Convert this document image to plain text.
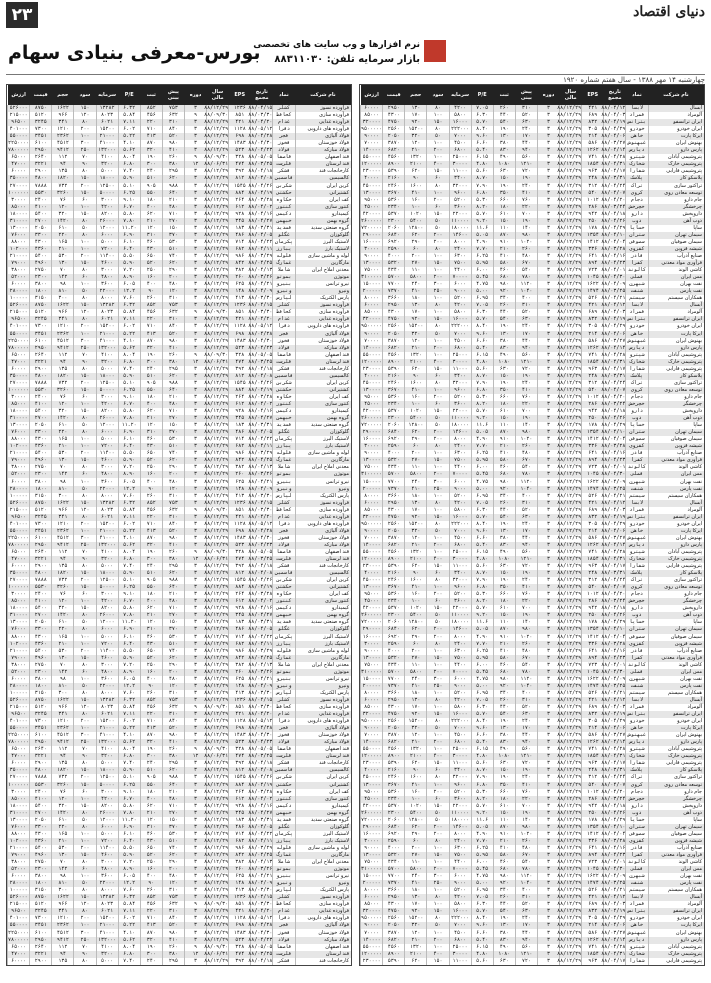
۲۳	دنیای اقتصاد
بورس-معرفی بنیادی سهام
نرم افزارها و وب سایت های تخصصی
بازار سرمایه تلفن: ۸۸۳۱۱۰۳۰
چهارشنبه ۱۴ مهر ۱۳۸۸ - سال هفتم شماره ۱۹۲۰
نام شرکت	نماد	تاریخ مجمع	EPS	سال مالی	دوره	پیش بینی	ثبت	P/E	سرمایه	سود	حجم	قیمت	ارزش
آبسال	لابسا	۸۸/۰۴/۱۲	۴۲۱	۸۸/۱۲/۲۹	۳	۳۱۰	۲۶۰	۷.۰۵	۴۲۰۰	۸۰	۱۳۰	۲۹۵۰	۶۰۰۰۰
آلومراد	فمراد	۸۸/۰۴/۰۳	۶۸۹	۸۸/۱۲/۲۹	۳	۵۲۰	۴۴۰	۶.۳۰	۵۸۰۰	۱۰۰	۱۷۰	۴۳۰۰	۸۵۰۰۰
ایران ترانسفو	بترانس	۸۸/۰۴/۱۹	۸۳۲	۸۸/۱۲/۲۹	۳	۶۳۰	۵۴۰	۵.۷۰	۱۶۰۰۰	۱۵۰	۹۲۰	۴۷۵۰	۳۲۰۰۰۰
ایران خودرو	خودرو	۸۸/۰۴/۲۹	۳۰۵	۸۸/۱۲/۲۹	۳	۲۴۰	۱۹۰	۸.۴۰	۲۲۲۰۰۰	۸۰	۱۵۲۰۰	۲۵۶۰	۹۵۰۰۰۰۰
ایرکا پارت	خاهن	۸۸/۰۴/۰۶	۲۱۴	۸۸/۱۲/۲۹	۳	۱۷۰	۱۳۰	۹.۶۰	۷۰۰۰	۵۰	۳۲۰	۲۰۵۰	۹۰۰۰۰
بهنوش ایران	غبهنوش	۸۸/۰۳/۲۷	۵۸۶	۸۸/۱۲/۲۹	۳	۴۴۰	۳۸۰	۶.۶۰	۴۵۰۰	۱۰۰	۱۲۰	۳۸۷۰	۷۰۰۰۰
پارس دارو	دپارس	۸۸/۰۴/۱۴	۱۲۶۲	۸۸/۱۲/۲۹	۳	۹۴۰	۸۳۰	۵.۴۰	۶۸۰۰	۲۰۰	۲۱۰	۶۸۲۰	۱۴۰۰۰۰
پتروشیمی آبادان	شپترو	۸۸/۰۴/۲۸	۷۴۱	۸۸/۱۲/۲۹	۳	۵۶۰	۴۹۰	۶.۱۵	۲۵۰۰۰	۱۰۰	۱۳۲۰	۴۵۶۰	۵۵۰۰۰۰
پتروشیمی خارک	شخارک	۸۸/۰۴/۳۱	۱۸۵۴	۸۸/۱۲/۲۹	۳	۱۲۱۰	۱۰۸۰	۴.۸۰	۳۰۰۰۰	۴۰۰	۲۱۰۰	۸۹۰۰	۱۲۰۰۰۰۰
پتروشیمی فارابی	شفارا	۸۸/۰۴/۱۷	۹۶۳	۸۸/۱۲/۲۹	۳	۷۲۰	۶۳۰	۵.۶۰	۱۱۰۰۰	۱۵۰	۶۲۰	۵۳۹۰	۲۳۰۰۰۰
پلاسکو کار	پلاسک	۸۸/۰۳/۳۱	۲۴۸	۸۸/۱۲/۲۹	۳	۱۹۰	۱۵۰	۸.۷۰	۳۴۰۰	۶۰	۹۰	۲۱۶۰	۴۰۰۰۰
تراکتور سازی	تراک	۸۸/۰۴/۲۴	۳۱۲	۸۸/۱۲/۲۹	۳	۲۴۰	۱۹۰	۷.۹۰	۳۲۰۰۰	۸۰	۱۶۰۰	۲۴۶۰	۴۵۰۰۰۰
توسعه معادن روی	کروی	۸۸/۰۴/۰۷	۵۴۰	۸۸/۱۲/۲۹	۳	۴۱۰	۳۵۰	۶.۸۰	۹۶۰۰	۱۰۰	۴۱۰	۳۶۷۰	۱۳۰۰۰۰
جام دارو	دجام	۸۸/۰۴/۲۰	۱۰۱۲	۸۸/۱۲/۲۹	۳	۷۶۰	۶۶۰	۵.۳۰	۵۲۰۰	۲۰۰	۱۶۰	۵۳۶۰	۹۵۰۰۰
چرخشگر	خچرخش	۸۸/۰۳/۲۴	۲۸۶	۸۸/۱۲/۲۹	۳	۲۲۰	۱۸۰	۸.۲۰	۳۶۰۰	۶۰	۱۰۰	۲۳۴۰	۴۵۰۰۰
داروپخش	دارو	۸۸/۰۴/۱۸	۹۴۲	۸۸/۱۲/۲۹	۳	۷۰۰	۶۱۰	۵.۷۰	۲۲۰۰۰	۱۵۰	۱۰۲۰	۵۳۷۰	۴۲۰۰۰۰
ذوب آهن	ذوب	۸۸/۰۴/۲۶	۲۵۰	۸۸/۱۲/۲۹	۳	۱۹۰	۱۵۰	۹.۲۰	۱۱۰۰۰۰	۵۰	۵۴۰۰	۲۳۰۰	۲۶۰۰۰۰۰
ساپا	خساپا	۸۸/۰۴/۲۹	۱۷۸	۸۸/۱۲/۲۹	۳	۱۴۰	۱۱۰	۱۱.۶	۱۸۰۰۰۰	۵۰	۱۲۸۰۰	۲۰۶۰	۷۲۰۰۰۰۰
سیمان تهران	ستران	۸۸/۰۴/۱۰	۱۳۵۴	۸۸/۱۲/۲۹	۳	۹۸۰	۸۷۰	۵.۰۵	۱۴۶۰۰	۲۰۰	۶۲۰	۶۸۴۰	۲۹۰۰۰۰
سیمان صوفیان	سصوفی	۸۸/۰۴/۰۴	۱۴۱۲	۸۸/۱۲/۲۹	۳	۱۰۲۰	۹۱۰	۴.۹۰	۸۰۰۰	۲۰۰	۲۹۰	۶۹۲۰	۱۶۰۰۰۰
شیشه قزوین	کقزوی	۸۸/۰۳/۲۸	۳۳۶	۸۸/۱۲/۲۹	۳	۲۶۰	۲۱۰	۷.۷۰	۲۴۰۰	۸۰	۶۰	۲۵۹۰	۳۰۰۰۰
صنایع آذرآب	فاذر	۸۸/۰۴/۱۶	۶۴۱	۸۸/۱۲/۲۹	۳	۴۸۰	۴۱۰	۶.۲۵	۶۳۰۰	۱۰۰	۲۰۰	۴۰۰۰	۹۰۰۰۰
فرآوری مواد معدنی	کفرا	۸۸/۰۴/۲۳	۸۹۴	۸۸/۱۲/۲۹	۳	۶۷۰	۵۸۰	۵.۹۵	۷۵۰۰	۱۵۰	۲۷۰	۵۳۲۰	۱۳۰۰۰۰
کاشی الوند	کالوند	۸۸/۰۴/۰۱	۷۲۳	۸۸/۱۲/۲۹	۳	۵۴۰	۴۶۰	۶.۰۰	۴۴۰۰	۱۰۰	۱۱۰	۴۳۴۰	۷۵۰۰۰
مس ایران	فملی	۸۸/۰۴/۳۰	۱۰۴۵	۸۸/۱۲/۲۹	۳	۷۸۰	۶۸۰	۵.۴۵	۷۰۰۰۰	۲۰۰	۵۸۰۰	۵۷۰۰	۳۱۰۰۰۰۰
نفت بهران	شبهرن	۸۸/۰۴/۰۹	۱۶۲۲	۸۸/۱۲/۲۹	۳	۱۱۲۰	۹۸۰	۴.۷۵	۶۰۰۰	۳۰۰	۲۴۰	۷۷۰۰	۱۵۰۰۰۰
نفت پارس	شنفت	۸۸/۰۳/۲۵	۱۴۷۴	۸۸/۱۲/۲۹	۳	۱۰۴۰	۹۲۰	۵.۰۰	۹۰۰۰	۲۵۰	۴۱۰	۷۳۷۰	۲۰۰۰۰۰
همکاران سیستم	سیستم	۸۸/۰۴/۲۱	۵۲۶	۸۸/۱۲/۲۹	۳	۴۰۰	۳۴۰	۶.۹۵	۵۲۰۰	۱۰۰	۱۸۰	۳۶۶۰	۸۰۰۰۰
آبسال	لابسا	۸۸/۰۴/۱۲	۴۲۱	۸۸/۱۲/۲۹	۳	۳۱۰	۲۶۰	۷.۰۵	۴۲۰۰	۸۰	۱۳۰	۲۹۵۰	۶۰۰۰۰
آلومراد	فمراد	۸۸/۰۴/۰۳	۶۸۹	۸۸/۱۲/۲۹	۳	۵۲۰	۴۴۰	۶.۳۰	۵۸۰۰	۱۰۰	۱۷۰	۴۳۰۰	۸۵۰۰۰
ایران ترانسفو	بترانس	۸۸/۰۴/۱۹	۸۳۲	۸۸/۱۲/۲۹	۳	۶۳۰	۵۴۰	۵.۷۰	۱۶۰۰۰	۱۵۰	۹۲۰	۴۷۵۰	۳۲۰۰۰۰
ایران خودرو	خودرو	۸۸/۰۴/۲۹	۳۰۵	۸۸/۱۲/۲۹	۳	۲۴۰	۱۹۰	۸.۴۰	۲۲۲۰۰۰	۸۰	۱۵۲۰۰	۲۵۶۰	۹۵۰۰۰۰۰
ایرکا پارت	خاهن	۸۸/۰۴/۰۶	۲۱۴	۸۸/۱۲/۲۹	۳	۱۷۰	۱۳۰	۹.۶۰	۷۰۰۰	۵۰	۳۲۰	۲۰۵۰	۹۰۰۰۰
بهنوش ایران	غبهنوش	۸۸/۰۳/۲۷	۵۸۶	۸۸/۱۲/۲۹	۳	۴۴۰	۳۸۰	۶.۶۰	۴۵۰۰	۱۰۰	۱۲۰	۳۸۷۰	۷۰۰۰۰
پارس دارو	دپارس	۸۸/۰۴/۱۴	۱۲۶۲	۸۸/۱۲/۲۹	۳	۹۴۰	۸۳۰	۵.۴۰	۶۸۰۰	۲۰۰	۲۱۰	۶۸۲۰	۱۴۰۰۰۰
پتروشیمی آبادان	شپترو	۸۸/۰۴/۲۸	۷۴۱	۸۸/۱۲/۲۹	۳	۵۶۰	۴۹۰	۶.۱۵	۲۵۰۰۰	۱۰۰	۱۳۲۰	۴۵۶۰	۵۵۰۰۰۰
پتروشیمی خارک	شخارک	۸۸/۰۴/۳۱	۱۸۵۴	۸۸/۱۲/۲۹	۳	۱۲۱۰	۱۰۸۰	۴.۸۰	۳۰۰۰۰	۴۰۰	۲۱۰۰	۸۹۰۰	۱۲۰۰۰۰۰
پتروشیمی فارابی	شفارا	۸۸/۰۴/۱۷	۹۶۳	۸۸/۱۲/۲۹	۳	۷۲۰	۶۳۰	۵.۶۰	۱۱۰۰۰	۱۵۰	۶۲۰	۵۳۹۰	۲۳۰۰۰۰
پلاسکو کار	پلاسک	۸۸/۰۳/۳۱	۲۴۸	۸۸/۱۲/۲۹	۳	۱۹۰	۱۵۰	۸.۷۰	۳۴۰۰	۶۰	۹۰	۲۱۶۰	۴۰۰۰۰
تراکتور سازی	تراک	۸۸/۰۴/۲۴	۳۱۲	۸۸/۱۲/۲۹	۳	۲۴۰	۱۹۰	۷.۹۰	۳۲۰۰۰	۸۰	۱۶۰۰	۲۴۶۰	۴۵۰۰۰۰
توسعه معادن روی	کروی	۸۸/۰۴/۰۷	۵۴۰	۸۸/۱۲/۲۹	۳	۴۱۰	۳۵۰	۶.۸۰	۹۶۰۰	۱۰۰	۴۱۰	۳۶۷۰	۱۳۰۰۰۰
جام دارو	دجام	۸۸/۰۴/۲۰	۱۰۱۲	۸۸/۱۲/۲۹	۳	۷۶۰	۶۶۰	۵.۳۰	۵۲۰۰	۲۰۰	۱۶۰	۵۳۶۰	۹۵۰۰۰
چرخشگر	خچرخش	۸۸/۰۳/۲۴	۲۸۶	۸۸/۱۲/۲۹	۳	۲۲۰	۱۸۰	۸.۲۰	۳۶۰۰	۶۰	۱۰۰	۲۳۴۰	۴۵۰۰۰
داروپخش	دارو	۸۸/۰۴/۱۸	۹۴۲	۸۸/۱۲/۲۹	۳	۷۰۰	۶۱۰	۵.۷۰	۲۲۰۰۰	۱۵۰	۱۰۲۰	۵۳۷۰	۴۲۰۰۰۰
ذوب آهن	ذوب	۸۸/۰۴/۲۶	۲۵۰	۸۸/۱۲/۲۹	۳	۱۹۰	۱۵۰	۹.۲۰	۱۱۰۰۰۰	۵۰	۵۴۰۰	۲۳۰۰	۲۶۰۰۰۰۰
ساپا	خساپا	۸۸/۰۴/۲۹	۱۷۸	۸۸/۱۲/۲۹	۳	۱۴۰	۱۱۰	۱۱.۶	۱۸۰۰۰۰	۵۰	۱۲۸۰۰	۲۰۶۰	۷۲۰۰۰۰۰
سیمان تهران	ستران	۸۸/۰۴/۱۰	۱۳۵۴	۸۸/۱۲/۲۹	۳	۹۸۰	۸۷۰	۵.۰۵	۱۴۶۰۰	۲۰۰	۶۲۰	۶۸۴۰	۲۹۰۰۰۰
سیمان صوفیان	سصوفی	۸۸/۰۴/۰۴	۱۴۱۲	۸۸/۱۲/۲۹	۳	۱۰۲۰	۹۱۰	۴.۹۰	۸۰۰۰	۲۰۰	۲۹۰	۶۹۲۰	۱۶۰۰۰۰
شیشه قزوین	کقزوی	۸۸/۰۳/۲۸	۳۳۶	۸۸/۱۲/۲۹	۳	۲۶۰	۲۱۰	۷.۷۰	۲۴۰۰	۸۰	۶۰	۲۵۹۰	۳۰۰۰۰
صنایع آذرآب	فاذر	۸۸/۰۴/۱۶	۶۴۱	۸۸/۱۲/۲۹	۳	۴۸۰	۴۱۰	۶.۲۵	۶۳۰۰	۱۰۰	۲۰۰	۴۰۰۰	۹۰۰۰۰
فرآوری مواد معدنی	کفرا	۸۸/۰۴/۲۳	۸۹۴	۸۸/۱۲/۲۹	۳	۶۷۰	۵۸۰	۵.۹۵	۷۵۰۰	۱۵۰	۲۷۰	۵۳۲۰	۱۳۰۰۰۰
کاشی الوند	کالوند	۸۸/۰۴/۰۱	۷۲۳	۸۸/۱۲/۲۹	۳	۵۴۰	۴۶۰	۶.۰۰	۴۴۰۰	۱۰۰	۱۱۰	۴۳۴۰	۷۵۰۰۰
مس ایران	فملی	۸۸/۰۴/۳۰	۱۰۴۵	۸۸/۱۲/۲۹	۳	۷۸۰	۶۸۰	۵.۴۵	۷۰۰۰۰	۲۰۰	۵۸۰۰	۵۷۰۰	۳۱۰۰۰۰۰
نفت بهران	شبهرن	۸۸/۰۴/۰۹	۱۶۲۲	۸۸/۱۲/۲۹	۳	۱۱۲۰	۹۸۰	۴.۷۵	۶۰۰۰	۳۰۰	۲۴۰	۷۷۰۰	۱۵۰۰۰۰
نفت پارس	شنفت	۸۸/۰۳/۲۵	۱۴۷۴	۸۸/۱۲/۲۹	۳	۱۰۴۰	۹۲۰	۵.۰۰	۹۰۰۰	۲۵۰	۴۱۰	۷۳۷۰	۲۰۰۰۰۰
همکاران سیستم	سیستم	۸۸/۰۴/۲۱	۵۲۶	۸۸/۱۲/۲۹	۳	۴۰۰	۳۴۰	۶.۹۵	۵۲۰۰	۱۰۰	۱۸۰	۳۶۶۰	۸۰۰۰۰
آبسال	لابسا	۸۸/۰۴/۱۲	۴۲۱	۸۸/۱۲/۲۹	۳	۳۱۰	۲۶۰	۷.۰۵	۴۲۰۰	۸۰	۱۳۰	۲۹۵۰	۶۰۰۰۰
آلومراد	فمراد	۸۸/۰۴/۰۳	۶۸۹	۸۸/۱۲/۲۹	۳	۵۲۰	۴۴۰	۶.۳۰	۵۸۰۰	۱۰۰	۱۷۰	۴۳۰۰	۸۵۰۰۰
ایران ترانسفو	بترانس	۸۸/۰۴/۱۹	۸۳۲	۸۸/۱۲/۲۹	۳	۶۳۰	۵۴۰	۵.۷۰	۱۶۰۰۰	۱۵۰	۹۲۰	۴۷۵۰	۳۲۰۰۰۰
ایران خودرو	خودرو	۸۸/۰۴/۲۹	۳۰۵	۸۸/۱۲/۲۹	۳	۲۴۰	۱۹۰	۸.۴۰	۲۲۲۰۰۰	۸۰	۱۵۲۰۰	۲۵۶۰	۹۵۰۰۰۰۰
ایرکا پارت	خاهن	۸۸/۰۴/۰۶	۲۱۴	۸۸/۱۲/۲۹	۳	۱۷۰	۱۳۰	۹.۶۰	۷۰۰۰	۵۰	۳۲۰	۲۰۵۰	۹۰۰۰۰
بهنوش ایران	غبهنوش	۸۸/۰۳/۲۷	۵۸۶	۸۸/۱۲/۲۹	۳	۴۴۰	۳۸۰	۶.۶۰	۴۵۰۰	۱۰۰	۱۲۰	۳۸۷۰	۷۰۰۰۰
پارس دارو	دپارس	۸۸/۰۴/۱۴	۱۲۶۲	۸۸/۱۲/۲۹	۳	۹۴۰	۸۳۰	۵.۴۰	۶۸۰۰	۲۰۰	۲۱۰	۶۸۲۰	۱۴۰۰۰۰
پتروشیمی آبادان	شپترو	۸۸/۰۴/۲۸	۷۴۱	۸۸/۱۲/۲۹	۳	۵۶۰	۴۹۰	۶.۱۵	۲۵۰۰۰	۱۰۰	۱۳۲۰	۴۵۶۰	۵۵۰۰۰۰
پتروشیمی خارک	شخارک	۸۸/۰۴/۳۱	۱۸۵۴	۸۸/۱۲/۲۹	۳	۱۲۱۰	۱۰۸۰	۴.۸۰	۳۰۰۰۰	۴۰۰	۲۱۰۰	۸۹۰۰	۱۲۰۰۰۰۰
پتروشیمی فارابی	شفارا	۸۸/۰۴/۱۷	۹۶۳	۸۸/۱۲/۲۹	۳	۷۲۰	۶۳۰	۵.۶۰	۱۱۰۰۰	۱۵۰	۶۲۰	۵۳۹۰	۲۳۰۰۰۰
پلاسکو کار	پلاسک	۸۸/۰۳/۳۱	۲۴۸	۸۸/۱۲/۲۹	۳	۱۹۰	۱۵۰	۸.۷۰	۳۴۰۰	۶۰	۹۰	۲۱۶۰	۴۰۰۰۰
تراکتور سازی	تراک	۸۸/۰۴/۲۴	۳۱۲	۸۸/۱۲/۲۹	۳	۲۴۰	۱۹۰	۷.۹۰	۳۲۰۰۰	۸۰	۱۶۰۰	۲۴۶۰	۴۵۰۰۰۰
توسعه معادن روی	کروی	۸۸/۰۴/۰۷	۵۴۰	۸۸/۱۲/۲۹	۳	۴۱۰	۳۵۰	۶.۸۰	۹۶۰۰	۱۰۰	۴۱۰	۳۶۷۰	۱۳۰۰۰۰
جام دارو	دجام	۸۸/۰۴/۲۰	۱۰۱۲	۸۸/۱۲/۲۹	۳	۷۶۰	۶۶۰	۵.۳۰	۵۲۰۰	۲۰۰	۱۶۰	۵۳۶۰	۹۵۰۰۰
چرخشگر	خچرخش	۸۸/۰۳/۲۴	۲۸۶	۸۸/۱۲/۲۹	۳	۲۲۰	۱۸۰	۸.۲۰	۳۶۰۰	۶۰	۱۰۰	۲۳۴۰	۴۵۰۰۰
داروپخش	دارو	۸۸/۰۴/۱۸	۹۴۲	۸۸/۱۲/۲۹	۳	۷۰۰	۶۱۰	۵.۷۰	۲۲۰۰۰	۱۵۰	۱۰۲۰	۵۳۷۰	۴۲۰۰۰۰
ذوب آهن	ذوب	۸۸/۰۴/۲۶	۲۵۰	۸۸/۱۲/۲۹	۳	۱۹۰	۱۵۰	۹.۲۰	۱۱۰۰۰۰	۵۰	۵۴۰۰	۲۳۰۰	۲۶۰۰۰۰۰
ساپا	خساپا	۸۸/۰۴/۲۹	۱۷۸	۸۸/۱۲/۲۹	۳	۱۴۰	۱۱۰	۱۱.۶	۱۸۰۰۰۰	۵۰	۱۲۸۰۰	۲۰۶۰	۷۲۰۰۰۰۰
سیمان تهران	ستران	۸۸/۰۴/۱۰	۱۳۵۴	۸۸/۱۲/۲۹	۳	۹۸۰	۸۷۰	۵.۰۵	۱۴۶۰۰	۲۰۰	۶۲۰	۶۸۴۰	۲۹۰۰۰۰
سیمان صوفیان	سصوفی	۸۸/۰۴/۰۴	۱۴۱۲	۸۸/۱۲/۲۹	۳	۱۰۲۰	۹۱۰	۴.۹۰	۸۰۰۰	۲۰۰	۲۹۰	۶۹۲۰	۱۶۰۰۰۰
شیشه قزوین	کقزوی	۸۸/۰۳/۲۸	۳۳۶	۸۸/۱۲/۲۹	۳	۲۶۰	۲۱۰	۷.۷۰	۲۴۰۰	۸۰	۶۰	۲۵۹۰	۳۰۰۰۰
صنایع آذرآب	فاذر	۸۸/۰۴/۱۶	۶۴۱	۸۸/۱۲/۲۹	۳	۴۸۰	۴۱۰	۶.۲۵	۶۳۰۰	۱۰۰	۲۰۰	۴۰۰۰	۹۰۰۰۰
فرآوری مواد معدنی	کفرا	۸۸/۰۴/۲۳	۸۹۴	۸۸/۱۲/۲۹	۳	۶۷۰	۵۸۰	۵.۹۵	۷۵۰۰	۱۵۰	۲۷۰	۵۳۲۰	۱۳۰۰۰۰
کاشی الوند	کالوند	۸۸/۰۴/۰۱	۷۲۳	۸۸/۱۲/۲۹	۳	۵۴۰	۴۶۰	۶.۰۰	۴۴۰۰	۱۰۰	۱۱۰	۴۳۴۰	۷۵۰۰۰
مس ایران	فملی	۸۸/۰۴/۳۰	۱۰۴۵	۸۸/۱۲/۲۹	۳	۷۸۰	۶۸۰	۵.۴۵	۷۰۰۰۰	۲۰۰	۵۸۰۰	۵۷۰۰	۳۱۰۰۰۰۰
نفت بهران	شبهرن	۸۸/۰۴/۰۹	۱۶۲۲	۸۸/۱۲/۲۹	۳	۱۱۲۰	۹۸۰	۴.۷۵	۶۰۰۰	۳۰۰	۲۴۰	۷۷۰۰	۱۵۰۰۰۰
نفت پارس	شنفت	۸۸/۰۳/۲۵	۱۴۷۴	۸۸/۱۲/۲۹	۳	۱۰۴۰	۹۲۰	۵.۰۰	۹۰۰۰	۲۵۰	۴۱۰	۷۳۷۰	۲۰۰۰۰۰
همکاران سیستم	سیستم	۸۸/۰۴/۲۱	۵۲۶	۸۸/۱۲/۲۹	۳	۴۰۰	۳۴۰	۶.۹۵	۵۲۰۰	۱۰۰	۱۸۰	۳۶۶۰	۸۰۰۰۰
آبسال	لابسا	۸۸/۰۴/۱۲	۴۲۱	۸۸/۱۲/۲۹	۳	۳۱۰	۲۶۰	۷.۰۵	۴۲۰۰	۸۰	۱۳۰	۲۹۵۰	۶۰۰۰۰
آلومراد	فمراد	۸۸/۰۴/۰۳	۶۸۹	۸۸/۱۲/۲۹	۳	۵۲۰	۴۴۰	۶.۳۰	۵۸۰۰	۱۰۰	۱۷۰	۴۳۰۰	۸۵۰۰۰
ایران ترانسفو	بترانس	۸۸/۰۴/۱۹	۸۳۲	۸۸/۱۲/۲۹	۳	۶۳۰	۵۴۰	۵.۷۰	۱۶۰۰۰	۱۵۰	۹۲۰	۴۷۵۰	۳۲۰۰۰۰
ایران خودرو	خودرو	۸۸/۰۴/۲۹	۳۰۵	۸۸/۱۲/۲۹	۳	۲۴۰	۱۹۰	۸.۴۰	۲۲۲۰۰۰	۸۰	۱۵۲۰۰	۲۵۶۰	۹۵۰۰۰۰۰
ایرکا پارت	خاهن	۸۸/۰۴/۰۶	۲۱۴	۸۸/۱۲/۲۹	۳	۱۷۰	۱۳۰	۹.۶۰	۷۰۰۰	۵۰	۳۲۰	۲۰۵۰	۹۰۰۰۰
بهنوش ایران	غبهنوش	۸۸/۰۳/۲۷	۵۸۶	۸۸/۱۲/۲۹	۳	۴۴۰	۳۸۰	۶.۶۰	۴۵۰۰	۱۰۰	۱۲۰	۳۸۷۰	۷۰۰۰۰
پارس دارو	دپارس	۸۸/۰۴/۱۴	۱۲۶۲	۸۸/۱۲/۲۹	۳	۹۴۰	۸۳۰	۵.۴۰	۶۸۰۰	۲۰۰	۲۱۰	۶۸۲۰	۱۴۰۰۰۰
پتروشیمی آبادان	شپترو	۸۸/۰۴/۲۸	۷۴۱	۸۸/۱۲/۲۹	۳	۵۶۰	۴۹۰	۶.۱۵	۲۵۰۰۰	۱۰۰	۱۳۲۰	۴۵۶۰	۵۵۰۰۰۰
پتروشیمی خارک	شخارک	۸۸/۰۴/۳۱	۱۸۵۴	۸۸/۱۲/۲۹	۳	۱۲۱۰	۱۰۸۰	۴.۸۰	۳۰۰۰۰	۴۰۰	۲۱۰۰	۸۹۰۰	۱۲۰۰۰۰۰
پتروشیمی فارابی	شفارا	۸۸/۰۴/۱۷	۹۶۳	۸۸/۱۲/۲۹	۳	۷۲۰	۶۳۰	۵.۶۰	۱۱۰۰۰	۱۵۰	۶۲۰	۵۳۹۰	۲۳۰۰۰۰
پلاسکو کار	پلاسک	۸۸/۰۳/۳۱	۲۴۸	۸۸/۱۲/۲۹	۳	۱۹۰	۱۵۰	۸.۷۰	۳۴۰۰	۶۰	۹۰	۲۱۶۰	۴۰۰۰۰
تراکتور سازی	تراک	۸۸/۰۴/۲۴	۳۱۲	۸۸/۱۲/۲۹	۳	۲۴۰	۱۹۰	۷.۹۰	۳۲۰۰۰	۸۰	۱۶۰۰	۲۴۶۰	۴۵۰۰۰۰
توسعه معادن روی	کروی	۸۸/۰۴/۰۷	۵۴۰	۸۸/۱۲/۲۹	۳	۴۱۰	۳۵۰	۶.۸۰	۹۶۰۰	۱۰۰	۴۱۰	۳۶۷۰	۱۳۰۰۰۰
جام دارو	دجام	۸۸/۰۴/۲۰	۱۰۱۲	۸۸/۱۲/۲۹	۳	۷۶۰	۶۶۰	۵.۳۰	۵۲۰۰	۲۰۰	۱۶۰	۵۳۶۰	۹۵۰۰۰
چرخشگر	خچرخش	۸۸/۰۳/۲۴	۲۸۶	۸۸/۱۲/۲۹	۳	۲۲۰	۱۸۰	۸.۲۰	۳۶۰۰	۶۰	۱۰۰	۲۳۴۰	۴۵۰۰۰
داروپخش	دارو	۸۸/۰۴/۱۸	۹۴۲	۸۸/۱۲/۲۹	۳	۷۰۰	۶۱۰	۵.۷۰	۲۲۰۰۰	۱۵۰	۱۰۲۰	۵۳۷۰	۴۲۰۰۰۰
ذوب آهن	ذوب	۸۸/۰۴/۲۶	۲۵۰	۸۸/۱۲/۲۹	۳	۱۹۰	۱۵۰	۹.۲۰	۱۱۰۰۰۰	۵۰	۵۴۰۰	۲۳۰۰	۲۶۰۰۰۰۰
ساپا	خساپا	۸۸/۰۴/۲۹	۱۷۸	۸۸/۱۲/۲۹	۳	۱۴۰	۱۱۰	۱۱.۶	۱۸۰۰۰۰	۵۰	۱۲۸۰۰	۲۰۶۰	۷۲۰۰۰۰۰
سیمان تهران	ستران	۸۸/۰۴/۱۰	۱۳۵۴	۸۸/۱۲/۲۹	۳	۹۸۰	۸۷۰	۵.۰۵	۱۴۶۰۰	۲۰۰	۶۲۰	۶۸۴۰	۲۹۰۰۰۰
سیمان صوفیان	سصوفی	۸۸/۰۴/۰۴	۱۴۱۲	۸۸/۱۲/۲۹	۳	۱۰۲۰	۹۱۰	۴.۹۰	۸۰۰۰	۲۰۰	۲۹۰	۶۹۲۰	۱۶۰۰۰۰
شیشه قزوین	کقزوی	۸۸/۰۳/۲۸	۳۳۶	۸۸/۱۲/۲۹	۳	۲۶۰	۲۱۰	۷.۷۰	۲۴۰۰	۸۰	۶۰	۲۵۹۰	۳۰۰۰۰
صنایع آذرآب	فاذر	۸۸/۰۴/۱۶	۶۴۱	۸۸/۱۲/۲۹	۳	۴۸۰	۴۱۰	۶.۲۵	۶۳۰۰	۱۰۰	۲۰۰	۴۰۰۰	۹۰۰۰۰
فرآوری مواد معدنی	کفرا	۸۸/۰۴/۲۳	۸۹۴	۸۸/۱۲/۲۹	۳	۶۷۰	۵۸۰	۵.۹۵	۷۵۰۰	۱۵۰	۲۷۰	۵۳۲۰	۱۳۰۰۰۰
کاشی الوند	کالوند	۸۸/۰۴/۰۱	۷۲۳	۸۸/۱۲/۲۹	۳	۵۴۰	۴۶۰	۶.۰۰	۴۴۰۰	۱۰۰	۱۱۰	۴۳۴۰	۷۵۰۰۰
مس ایران	فملی	۸۸/۰۴/۳۰	۱۰۴۵	۸۸/۱۲/۲۹	۳	۷۸۰	۶۸۰	۵.۴۵	۷۰۰۰۰	۲۰۰	۵۸۰۰	۵۷۰۰	۳۱۰۰۰۰۰
نفت بهران	شبهرن	۸۸/۰۴/۰۹	۱۶۲۲	۸۸/۱۲/۲۹	۳	۱۱۲۰	۹۸۰	۴.۷۵	۶۰۰۰	۳۰۰	۲۴۰	۷۷۰۰	۱۵۰۰۰۰
نفت پارس	شنفت	۸۸/۰۳/۲۵	۱۴۷۴	۸۸/۱۲/۲۹	۳	۱۰۴۰	۹۲۰	۵.۰۰	۹۰۰۰	۲۵۰	۴۱۰	۷۳۷۰	۲۰۰۰۰۰
همکاران سیستم	سیستم	۸۸/۰۴/۲۱	۵۲۶	۸۸/۱۲/۲۹	۳	۴۰۰	۳۴۰	۶.۹۵	۵۲۰۰	۱۰۰	۱۸۰	۳۶۶۰	۸۰۰۰۰
آبسال	لابسا	۸۸/۰۴/۱۲	۴۲۱	۸۸/۱۲/۲۹	۳	۳۱۰	۲۶۰	۷.۰۵	۴۲۰۰	۸۰	۱۳۰	۲۹۵۰	۶۰۰۰۰
آلومراد	فمراد	۸۸/۰۴/۰۳	۶۸۹	۸۸/۱۲/۲۹	۳	۵۲۰	۴۴۰	۶.۳۰	۵۸۰۰	۱۰۰	۱۷۰	۴۳۰۰	۸۵۰۰۰
ایران ترانسفو	بترانس	۸۸/۰۴/۱۹	۸۳۲	۸۸/۱۲/۲۹	۳	۶۳۰	۵۴۰	۵.۷۰	۱۶۰۰۰	۱۵۰	۹۲۰	۴۷۵۰	۳۲۰۰۰۰
ایران خودرو	خودرو	۸۸/۰۴/۲۹	۳۰۵	۸۸/۱۲/۲۹	۳	۲۴۰	۱۹۰	۸.۴۰	۲۲۲۰۰۰	۸۰	۱۵۲۰۰	۲۵۶۰	۹۵۰۰۰۰۰
ایرکا پارت	خاهن	۸۸/۰۴/۰۶	۲۱۴	۸۸/۱۲/۲۹	۳	۱۷۰	۱۳۰	۹.۶۰	۷۰۰۰	۵۰	۳۲۰	۲۰۵۰	۹۰۰۰۰
بهنوش ایران	غبهنوش	۸۸/۰۳/۲۷	۵۸۶	۸۸/۱۲/۲۹	۳	۴۴۰	۳۸۰	۶.۶۰	۴۵۰۰	۱۰۰	۱۲۰	۳۸۷۰	۷۰۰۰۰
پارس دارو	دپارس	۸۸/۰۴/۱۴	۱۲۶۲	۸۸/۱۲/۲۹	۳	۹۴۰	۸۳۰	۵.۴۰	۶۸۰۰	۲۰۰	۲۱۰	۶۸۲۰	۱۴۰۰۰۰
پتروشیمی آبادان	شپترو	۸۸/۰۴/۲۸	۷۴۱	۸۸/۱۲/۲۹	۳	۵۶۰	۴۹۰	۶.۱۵	۲۵۰۰۰	۱۰۰	۱۳۲۰	۴۵۶۰	۵۵۰۰۰۰
پتروشیمی خارک	شخارک	۸۸/۰۴/۳۱	۱۸۵۴	۸۸/۱۲/۲۹	۳	۱۲۱۰	۱۰۸۰	۴.۸۰	۳۰۰۰۰	۴۰۰	۲۱۰۰	۸۹۰۰	۱۲۰۰۰۰۰
پتروشیمی فارابی	شفارا	۸۸/۰۴/۱۷	۹۶۳	۸۸/۱۲/۲۹	۳	۷۲۰	۶۳۰	۵.۶۰	۱۱۰۰۰	۱۵۰	۶۲۰	۵۳۹۰	۲۳۰۰۰۰
نام شرکت	نماد	تاریخ مجمع	EPS	سال مالی	دوره	پیش بینی	ثبت	P/E	سرمایه	سود	حجم	قیمت	ارزش
فرآورده نسوز	کشلر	۸۸/۰۴/۱۵	۱۲۳۶	۸۸/۱۲/۲۹	۳	۷۵۳	۸۵۲	۶.۳۲	۱۳۲۸۲	۱۵۰	۱۶۲۲	۸۷۵۰	۵۲۶۰۰۰
فرآورده سازی	کحافظ	۸۸/۰۳/۳۰	۸۵۱	۸۸/۰۹/۳۰	۹	۶۳۲	۴۵۶	۵.۸۴	۸۰۲۳	۱۲۰	۹۶۶	۵۱۲۰	۲۱۵۰۰۰
فرآورده غذایی	غدام	۸۸/۰۴/۲۰	۴۲۱	۸۸/۱۲/۲۹	۳	۳۱۰	۲۲۰	۷.۱۱	۶۰۲۱	۸۰	۳۴۱	۳۲۴۵	۹۶۵۰۰
فرآورده های دارویی	دفرا	۸۸/۰۵/۱۲	۱۱۲۸	۸۸/۱۲/۲۹	۳	۸۴۰	۷۱۰	۶.۰۲	۱۵۲۰۰	۲۰۰	۱۲۱۰	۷۳۰۰	۴۰۱۰۰۰
فولاد آلیاژی	فجر	۸۸/۰۴/۲۸	۶۹۸	۸۸/۱۲/۲۹	۳	۵۲۰	۴۱۳	۵.۲۲	۲۱۰۰۰	۱۰۰	۲۳۶۲	۳۴۵۱	۵۵۰۰۰۰
فولاد خوزستان	فخوز	۸۸/۰۴/۳۰	۱۴۸۳	۸۸/۱۲/۲۹	۳	۹۸۰	۸۷۰	۴.۱۰	۴۱۰۰۰	۳۰۰	۴۵۱۲	۶۱۰۰	۲۲۵۰۰۰۰
فولاد مبارکه	فولاد	۸۸/۰۴/۲۳	۵۲۳	۸۸/۱۲/۲۹	۳	۴۱۰	۳۲۰	۵.۶۲	۱۳۲۰۰۰	۲۵۰	۹۴۱۲	۲۹۵۰	۷۸۰۰۰۰۰
قند اصفهان	قاصفا	۸۸/۰۵/۰۵	۳۲۸	۸۸/۰۹/۳۰	۹	۲۶۰	۱۹۰	۸.۰۴	۴۱۰۰	۷۰	۱۱۲	۲۶۴۰	۶۵۰۰۰
قند لرستان	قلرست	۸۸/۰۳/۲۵	۴۷۴	۸۸/۰۶/۳۱	۱۲	۳۸۰	۳۰۰	۶.۸۰	۳۲۰۰	۹۰	۹۴	۳۲۲۱	۴۷۰۰۰
کارخانجات قند	قشکر	۸۸/۰۴/۱۸	۳۹۲	۸۸/۱۲/۲۹	۳	۲۹۵	۲۴۰	۷.۴۰	۵۰۰۰	۸۰	۱۳۵	۲۹۰۰	۶۰۰۰۰
کالسیمین	فاسمین	۸۸/۰۴/۰۸	۸۱۲	۸۸/۱۲/۲۹	۳	۶۲۰	۵۱۰	۵.۹۰	۱۸۰۰۰	۱۵۰	۱۸۲۰	۴۸۰۰	۳۵۰۰۰۰
کربن ایران	شکربن	۸۸/۰۴/۲۶	۱۵۴۵	۸۸/۱۲/۲۹	۳	۹۸۸	۹۰۵	۵.۱۰	۱۲۵۰۰	۲۰۰	۷۳۲	۷۸۸۸	۲۷۰۰۰۰
کشتیرانی	حکشتی	۸۸/۰۴/۱۹	۸۸۴	۸۸/۱۲/۲۹	۳	۶۴۰	۵۵۰	۶.۲۵	۵۰۰۰۰	۱۵۰	۳۲۶۰	۵۵۳۰	۱۰۰۰۰۰۰
کف ایران	خکاوه	۸۸/۰۳/۲۸	۲۶۴	۸۸/۱۲/۲۹	۳	۲۱۰	۱۸۰	۹.۱۰	۳۰۰۰	۶۰	۷۶	۲۴۰۰	۳۰۰۰۰
کنتور سازی	کنتور	۸۸/۰۴/۰۲	۶۱۲	۸۸/۱۲/۲۹	۳	۴۸۰	۴۰۰	۶.۷۰	۴۲۰۰	۱۰۰	۱۲۰	۴۱۰۰	۸۵۰۰۰
کیمیدارو	دکیمی	۸۸/۰۴/۱۶	۹۲۸	۸۸/۱۲/۲۹	۳	۷۱۰	۶۲۰	۵.۸۰	۸۲۰۰	۱۵۰	۳۲۰	۵۴۰۰	۱۸۰۰۰۰
گروه بهمن	خبهمن	۸۸/۰۴/۲۷	۳۴۵	۸۸/۱۲/۲۹	۳	۲۷۰	۲۱۰	۷.۸۰	۲۶۰۰۰	۸۰	۱۴۲۰	۲۷۰۰	۳۱۰۰۰۰
گروه صنعتی سدید	فسدید	۸۸/۰۳/۳۱	۱۸۳	۸۸/۱۲/۲۹	۳	۱۵۰	۱۲۰	۱۱.۲۰	۱۲۰۰۰	۵۰	۶۱۰	۲۰۵۰	۱۳۰۰۰۰
گلوکوزان	غگلو	۸۸/۰۴/۰۵	۴۸۶	۸۸/۱۲/۲۹	۳	۳۷۰	۳۱۰	۶.۹۰	۶۰۰۰	۸۰	۲۲۰	۳۳۰۰	۷۶۰۰۰
لاستیک البرز	پکرمان	۸۸/۰۴/۲۲	۷۱۴	۸۸/۱۲/۲۹	۳	۵۳۰	۴۶۰	۶.۱۰	۵۰۰۰	۱۰۰	۱۶۵	۴۳۰۰	۸۸۰۰۰
لاستیک بارز	پبارز	۸۸/۰۴/۱۱	۶۸۲	۸۸/۱۲/۲۹	۳	۵۱۰	۴۳۰	۶.۴۰	۷۲۰۰	۱۰۰	۲۱۰	۴۳۶۰	۱۰۲۰۰۰
لوله و ماشین سازی	فلوله	۸۸/۰۳/۲۹	۹۸۶	۸۸/۱۲/۲۹	۳	۷۴۰	۶۵۰	۵.۵۰	۱۱۴۰۰	۲۰۰	۵۳۰	۵۴۰۰	۲۱۰۰۰۰
مارگارین	غمارگ	۸۸/۰۴/۲۵	۸۴۲	۸۸/۱۲/۲۹	۳	۶۲۰	۵۲۰	۵.۹۰	۴۶۰۰	۱۵۰	۱۳۰	۴۹۶۰	۷۹۰۰۰
معدنی املاح ایران	شاملا	۸۸/۰۴/۱۳	۳۸۲	۸۸/۱۲/۲۹	۳	۲۹۰	۲۵۰	۷.۲۰	۳۰۰۰	۸۰	۷۰	۲۷۵۰	۳۸۰۰۰
موتوژن	بموتو	۸۸/۰۳/۲۶	۲۶۰	۸۸/۱۲/۲۹	۳	۲۰۰	۱۶۰	۸.۹۰	۴۸۰۰	۶۰	۱۴۲	۲۳۰۰	۵۲۰۰۰
نیرو ترانس	بنیرو	۸۸/۰۴/۲۱	۶۲۵	۸۸/۱۲/۲۹	۳	۴۸۰	۴۰۰	۶.۰۵	۳۶۰۰	۱۰۰	۹۸	۳۸۰۰	۶۰۰۰۰
ونیرو	ونیرو	۸۸/۰۴/۰۹	۱۴۸	۸۸/۱۲/۲۹	۳	۱۲۰	۹۰	۱۲.۲	۲۲۰۰۰	۵۰	۸۱۰	۱۸۰۰	۲۸۰۰۰۰
پارس الکتریک	لپارس	۸۸/۰۳/۳۰	۴۱۳	۸۸/۱۲/۲۹	۳	۳۱۰	۲۶۰	۷.۶۰	۸۰۰۰	۸۰	۳۰۰	۳۱۵۰	۱۰۰۰۰۰
فرآورده نسوز	کشلر	۸۸/۰۴/۱۵	۱۲۳۶	۸۸/۱۲/۲۹	۳	۷۵۳	۸۵۲	۶.۳۲	۱۳۲۸۲	۱۵۰	۱۶۲۲	۸۷۵۰	۵۲۶۰۰۰
فرآورده سازی	کحافظ	۸۸/۰۳/۳۰	۸۵۱	۸۸/۰۹/۳۰	۹	۶۳۲	۴۵۶	۵.۸۴	۸۰۲۳	۱۲۰	۹۶۶	۵۱۲۰	۲۱۵۰۰۰
فرآورده غذایی	غدام	۸۸/۰۴/۲۰	۴۲۱	۸۸/۱۲/۲۹	۳	۳۱۰	۲۲۰	۷.۱۱	۶۰۲۱	۸۰	۳۴۱	۳۲۴۵	۹۶۵۰۰
فرآورده های دارویی	دفرا	۸۸/۰۵/۱۲	۱۱۲۸	۸۸/۱۲/۲۹	۳	۸۴۰	۷۱۰	۶.۰۲	۱۵۲۰۰	۲۰۰	۱۲۱۰	۷۳۰۰	۴۰۱۰۰۰
فولاد آلیاژی	فجر	۸۸/۰۴/۲۸	۶۹۸	۸۸/۱۲/۲۹	۳	۵۲۰	۴۱۳	۵.۲۲	۲۱۰۰۰	۱۰۰	۲۳۶۲	۳۴۵۱	۵۵۰۰۰۰
فولاد خوزستان	فخوز	۸۸/۰۴/۳۰	۱۴۸۳	۸۸/۱۲/۲۹	۳	۹۸۰	۸۷۰	۴.۱۰	۴۱۰۰۰	۳۰۰	۴۵۱۲	۶۱۰۰	۲۲۵۰۰۰۰
فولاد مبارکه	فولاد	۸۸/۰۴/۲۳	۵۲۳	۸۸/۱۲/۲۹	۳	۴۱۰	۳۲۰	۵.۶۲	۱۳۲۰۰۰	۲۵۰	۹۴۱۲	۲۹۵۰	۷۸۰۰۰۰۰
قند اصفهان	قاصفا	۸۸/۰۵/۰۵	۳۲۸	۸۸/۰۹/۳۰	۹	۲۶۰	۱۹۰	۸.۰۴	۴۱۰۰	۷۰	۱۱۲	۲۶۴۰	۶۵۰۰۰
قند لرستان	قلرست	۸۸/۰۳/۲۵	۴۷۴	۸۸/۰۶/۳۱	۱۲	۳۸۰	۳۰۰	۶.۸۰	۳۲۰۰	۹۰	۹۴	۳۲۲۱	۴۷۰۰۰
کارخانجات قند	قشکر	۸۸/۰۴/۱۸	۳۹۲	۸۸/۱۲/۲۹	۳	۲۹۵	۲۴۰	۷.۴۰	۵۰۰۰	۸۰	۱۳۵	۲۹۰۰	۶۰۰۰۰
کالسیمین	فاسمین	۸۸/۰۴/۰۸	۸۱۲	۸۸/۱۲/۲۹	۳	۶۲۰	۵۱۰	۵.۹۰	۱۸۰۰۰	۱۵۰	۱۸۲۰	۴۸۰۰	۳۵۰۰۰۰
کربن ایران	شکربن	۸۸/۰۴/۲۶	۱۵۴۵	۸۸/۱۲/۲۹	۳	۹۸۸	۹۰۵	۵.۱۰	۱۲۵۰۰	۲۰۰	۷۳۲	۷۸۸۸	۲۷۰۰۰۰
کشتیرانی	حکشتی	۸۸/۰۴/۱۹	۸۸۴	۸۸/۱۲/۲۹	۳	۶۴۰	۵۵۰	۶.۲۵	۵۰۰۰۰	۱۵۰	۳۲۶۰	۵۵۳۰	۱۰۰۰۰۰۰
کف ایران	خکاوه	۸۸/۰۳/۲۸	۲۶۴	۸۸/۱۲/۲۹	۳	۲۱۰	۱۸۰	۹.۱۰	۳۰۰۰	۶۰	۷۶	۲۴۰۰	۳۰۰۰۰
کنتور سازی	کنتور	۸۸/۰۴/۰۲	۶۱۲	۸۸/۱۲/۲۹	۳	۴۸۰	۴۰۰	۶.۷۰	۴۲۰۰	۱۰۰	۱۲۰	۴۱۰۰	۸۵۰۰۰
کیمیدارو	دکیمی	۸۸/۰۴/۱۶	۹۲۸	۸۸/۱۲/۲۹	۳	۷۱۰	۶۲۰	۵.۸۰	۸۲۰۰	۱۵۰	۳۲۰	۵۴۰۰	۱۸۰۰۰۰
گروه بهمن	خبهمن	۸۸/۰۴/۲۷	۳۴۵	۸۸/۱۲/۲۹	۳	۲۷۰	۲۱۰	۷.۸۰	۲۶۰۰۰	۸۰	۱۴۲۰	۲۷۰۰	۳۱۰۰۰۰
گروه صنعتی سدید	فسدید	۸۸/۰۳/۳۱	۱۸۳	۸۸/۱۲/۲۹	۳	۱۵۰	۱۲۰	۱۱.۲۰	۱۲۰۰۰	۵۰	۶۱۰	۲۰۵۰	۱۳۰۰۰۰
گلوکوزان	غگلو	۸۸/۰۴/۰۵	۴۸۶	۸۸/۱۲/۲۹	۳	۳۷۰	۳۱۰	۶.۹۰	۶۰۰۰	۸۰	۲۲۰	۳۳۰۰	۷۶۰۰۰
لاستیک البرز	پکرمان	۸۸/۰۴/۲۲	۷۱۴	۸۸/۱۲/۲۹	۳	۵۳۰	۴۶۰	۶.۱۰	۵۰۰۰	۱۰۰	۱۶۵	۴۳۰۰	۸۸۰۰۰
لاستیک بارز	پبارز	۸۸/۰۴/۱۱	۶۸۲	۸۸/۱۲/۲۹	۳	۵۱۰	۴۳۰	۶.۴۰	۷۲۰۰	۱۰۰	۲۱۰	۴۳۶۰	۱۰۲۰۰۰
لوله و ماشین سازی	فلوله	۸۸/۰۳/۲۹	۹۸۶	۸۸/۱۲/۲۹	۳	۷۴۰	۶۵۰	۵.۵۰	۱۱۴۰۰	۲۰۰	۵۳۰	۵۴۰۰	۲۱۰۰۰۰
مارگارین	غمارگ	۸۸/۰۴/۲۵	۸۴۲	۸۸/۱۲/۲۹	۳	۶۲۰	۵۲۰	۵.۹۰	۴۶۰۰	۱۵۰	۱۳۰	۴۹۶۰	۷۹۰۰۰
معدنی املاح ایران	شاملا	۸۸/۰۴/۱۳	۳۸۲	۸۸/۱۲/۲۹	۳	۲۹۰	۲۵۰	۷.۲۰	۳۰۰۰	۸۰	۷۰	۲۷۵۰	۳۸۰۰۰
موتوژن	بموتو	۸۸/۰۳/۲۶	۲۶۰	۸۸/۱۲/۲۹	۳	۲۰۰	۱۶۰	۸.۹۰	۴۸۰۰	۶۰	۱۴۲	۲۳۰۰	۵۲۰۰۰
نیرو ترانس	بنیرو	۸۸/۰۴/۲۱	۶۲۵	۸۸/۱۲/۲۹	۳	۴۸۰	۴۰۰	۶.۰۵	۳۶۰۰	۱۰۰	۹۸	۳۸۰۰	۶۰۰۰۰
ونیرو	ونیرو	۸۸/۰۴/۰۹	۱۴۸	۸۸/۱۲/۲۹	۳	۱۲۰	۹۰	۱۲.۲	۲۲۰۰۰	۵۰	۸۱۰	۱۸۰۰	۲۸۰۰۰۰
پارس الکتریک	لپارس	۸۸/۰۳/۳۰	۴۱۳	۸۸/۱۲/۲۹	۳	۳۱۰	۲۶۰	۷.۶۰	۸۰۰۰	۸۰	۳۰۰	۳۱۵۰	۱۰۰۰۰۰
فرآورده نسوز	کشلر	۸۸/۰۴/۱۵	۱۲۳۶	۸۸/۱۲/۲۹	۳	۷۵۳	۸۵۲	۶.۳۲	۱۳۲۸۲	۱۵۰	۱۶۲۲	۸۷۵۰	۵۲۶۰۰۰
فرآورده سازی	کحافظ	۸۸/۰۳/۳۰	۸۵۱	۸۸/۰۹/۳۰	۹	۶۳۲	۴۵۶	۵.۸۴	۸۰۲۳	۱۲۰	۹۶۶	۵۱۲۰	۲۱۵۰۰۰
فرآورده غذایی	غدام	۸۸/۰۴/۲۰	۴۲۱	۸۸/۱۲/۲۹	۳	۳۱۰	۲۲۰	۷.۱۱	۶۰۲۱	۸۰	۳۴۱	۳۲۴۵	۹۶۵۰۰
فرآورده های دارویی	دفرا	۸۸/۰۵/۱۲	۱۱۲۸	۸۸/۱۲/۲۹	۳	۸۴۰	۷۱۰	۶.۰۲	۱۵۲۰۰	۲۰۰	۱۲۱۰	۷۳۰۰	۴۰۱۰۰۰
فولاد آلیاژی	فجر	۸۸/۰۴/۲۸	۶۹۸	۸۸/۱۲/۲۹	۳	۵۲۰	۴۱۳	۵.۲۲	۲۱۰۰۰	۱۰۰	۲۳۶۲	۳۴۵۱	۵۵۰۰۰۰
فولاد خوزستان	فخوز	۸۸/۰۴/۳۰	۱۴۸۳	۸۸/۱۲/۲۹	۳	۹۸۰	۸۷۰	۴.۱۰	۴۱۰۰۰	۳۰۰	۴۵۱۲	۶۱۰۰	۲۲۵۰۰۰۰
فولاد مبارکه	فولاد	۸۸/۰۴/۲۳	۵۲۳	۸۸/۱۲/۲۹	۳	۴۱۰	۳۲۰	۵.۶۲	۱۳۲۰۰۰	۲۵۰	۹۴۱۲	۲۹۵۰	۷۸۰۰۰۰۰
قند اصفهان	قاصفا	۸۸/۰۵/۰۵	۳۲۸	۸۸/۰۹/۳۰	۹	۲۶۰	۱۹۰	۸.۰۴	۴۱۰۰	۷۰	۱۱۲	۲۶۴۰	۶۵۰۰۰
قند لرستان	قلرست	۸۸/۰۳/۲۵	۴۷۴	۸۸/۰۶/۳۱	۱۲	۳۸۰	۳۰۰	۶.۸۰	۳۲۰۰	۹۰	۹۴	۳۲۲۱	۴۷۰۰۰
کارخانجات قند	قشکر	۸۸/۰۴/۱۸	۳۹۲	۸۸/۱۲/۲۹	۳	۲۹۵	۲۴۰	۷.۴۰	۵۰۰۰	۸۰	۱۳۵	۲۹۰۰	۶۰۰۰۰
کالسیمین	فاسمین	۸۸/۰۴/۰۸	۸۱۲	۸۸/۱۲/۲۹	۳	۶۲۰	۵۱۰	۵.۹۰	۱۸۰۰۰	۱۵۰	۱۸۲۰	۴۸۰۰	۳۵۰۰۰۰
کربن ایران	شکربن	۸۸/۰۴/۲۶	۱۵۴۵	۸۸/۱۲/۲۹	۳	۹۸۸	۹۰۵	۵.۱۰	۱۲۵۰۰	۲۰۰	۷۳۲	۷۸۸۸	۲۷۰۰۰۰
کشتیرانی	حکشتی	۸۸/۰۴/۱۹	۸۸۴	۸۸/۱۲/۲۹	۳	۶۴۰	۵۵۰	۶.۲۵	۵۰۰۰۰	۱۵۰	۳۲۶۰	۵۵۳۰	۱۰۰۰۰۰۰
کف ایران	خکاوه	۸۸/۰۳/۲۸	۲۶۴	۸۸/۱۲/۲۹	۳	۲۱۰	۱۸۰	۹.۱۰	۳۰۰۰	۶۰	۷۶	۲۴۰۰	۳۰۰۰۰
کنتور سازی	کنتور	۸۸/۰۴/۰۲	۶۱۲	۸۸/۱۲/۲۹	۳	۴۸۰	۴۰۰	۶.۷۰	۴۲۰۰	۱۰۰	۱۲۰	۴۱۰۰	۸۵۰۰۰
کیمیدارو	دکیمی	۸۸/۰۴/۱۶	۹۲۸	۸۸/۱۲/۲۹	۳	۷۱۰	۶۲۰	۵.۸۰	۸۲۰۰	۱۵۰	۳۲۰	۵۴۰۰	۱۸۰۰۰۰
گروه بهمن	خبهمن	۸۸/۰۴/۲۷	۳۴۵	۸۸/۱۲/۲۹	۳	۲۷۰	۲۱۰	۷.۸۰	۲۶۰۰۰	۸۰	۱۴۲۰	۲۷۰۰	۳۱۰۰۰۰
گروه صنعتی سدید	فسدید	۸۸/۰۳/۳۱	۱۸۳	۸۸/۱۲/۲۹	۳	۱۵۰	۱۲۰	۱۱.۲۰	۱۲۰۰۰	۵۰	۶۱۰	۲۰۵۰	۱۳۰۰۰۰
گلوکوزان	غگلو	۸۸/۰۴/۰۵	۴۸۶	۸۸/۱۲/۲۹	۳	۳۷۰	۳۱۰	۶.۹۰	۶۰۰۰	۸۰	۲۲۰	۳۳۰۰	۷۶۰۰۰
لاستیک البرز	پکرمان	۸۸/۰۴/۲۲	۷۱۴	۸۸/۱۲/۲۹	۳	۵۳۰	۴۶۰	۶.۱۰	۵۰۰۰	۱۰۰	۱۶۵	۴۳۰۰	۸۸۰۰۰
لاستیک بارز	پبارز	۸۸/۰۴/۱۱	۶۸۲	۸۸/۱۲/۲۹	۳	۵۱۰	۴۳۰	۶.۴۰	۷۲۰۰	۱۰۰	۲۱۰	۴۳۶۰	۱۰۲۰۰۰
لوله و ماشین سازی	فلوله	۸۸/۰۳/۲۹	۹۸۶	۸۸/۱۲/۲۹	۳	۷۴۰	۶۵۰	۵.۵۰	۱۱۴۰۰	۲۰۰	۵۳۰	۵۴۰۰	۲۱۰۰۰۰
مارگارین	غمارگ	۸۸/۰۴/۲۵	۸۴۲	۸۸/۱۲/۲۹	۳	۶۲۰	۵۲۰	۵.۹۰	۴۶۰۰	۱۵۰	۱۳۰	۴۹۶۰	۷۹۰۰۰
معدنی املاح ایران	شاملا	۸۸/۰۴/۱۳	۳۸۲	۸۸/۱۲/۲۹	۳	۲۹۰	۲۵۰	۷.۲۰	۳۰۰۰	۸۰	۷۰	۲۷۵۰	۳۸۰۰۰
موتوژن	بموتو	۸۸/۰۳/۲۶	۲۶۰	۸۸/۱۲/۲۹	۳	۲۰۰	۱۶۰	۸.۹۰	۴۸۰۰	۶۰	۱۴۲	۲۳۰۰	۵۲۰۰۰
نیرو ترانس	بنیرو	۸۸/۰۴/۲۱	۶۲۵	۸۸/۱۲/۲۹	۳	۴۸۰	۴۰۰	۶.۰۵	۳۶۰۰	۱۰۰	۹۸	۳۸۰۰	۶۰۰۰۰
ونیرو	ونیرو	۸۸/۰۴/۰۹	۱۴۸	۸۸/۱۲/۲۹	۳	۱۲۰	۹۰	۱۲.۲	۲۲۰۰۰	۵۰	۸۱۰	۱۸۰۰	۲۸۰۰۰۰
پارس الکتریک	لپارس	۸۸/۰۳/۳۰	۴۱۳	۸۸/۱۲/۲۹	۳	۳۱۰	۲۶۰	۷.۶۰	۸۰۰۰	۸۰	۳۰۰	۳۱۵۰	۱۰۰۰۰۰
فرآورده نسوز	کشلر	۸۸/۰۴/۱۵	۱۲۳۶	۸۸/۱۲/۲۹	۳	۷۵۳	۸۵۲	۶.۳۲	۱۳۲۸۲	۱۵۰	۱۶۲۲	۸۷۵۰	۵۲۶۰۰۰
فرآورده سازی	کحافظ	۸۸/۰۳/۳۰	۸۵۱	۸۸/۰۹/۳۰	۹	۶۳۲	۴۵۶	۵.۸۴	۸۰۲۳	۱۲۰	۹۶۶	۵۱۲۰	۲۱۵۰۰۰
فرآورده غذایی	غدام	۸۸/۰۴/۲۰	۴۲۱	۸۸/۱۲/۲۹	۳	۳۱۰	۲۲۰	۷.۱۱	۶۰۲۱	۸۰	۳۴۱	۳۲۴۵	۹۶۵۰۰
فرآورده های دارویی	دفرا	۸۸/۰۵/۱۲	۱۱۲۸	۸۸/۱۲/۲۹	۳	۸۴۰	۷۱۰	۶.۰۲	۱۵۲۰۰	۲۰۰	۱۲۱۰	۷۳۰۰	۴۰۱۰۰۰
فولاد آلیاژی	فجر	۸۸/۰۴/۲۸	۶۹۸	۸۸/۱۲/۲۹	۳	۵۲۰	۴۱۳	۵.۲۲	۲۱۰۰۰	۱۰۰	۲۳۶۲	۳۴۵۱	۵۵۰۰۰۰
فولاد خوزستان	فخوز	۸۸/۰۴/۳۰	۱۴۸۳	۸۸/۱۲/۲۹	۳	۹۸۰	۸۷۰	۴.۱۰	۴۱۰۰۰	۳۰۰	۴۵۱۲	۶۱۰۰	۲۲۵۰۰۰۰
فولاد مبارکه	فولاد	۸۸/۰۴/۲۳	۵۲۳	۸۸/۱۲/۲۹	۳	۴۱۰	۳۲۰	۵.۶۲	۱۳۲۰۰۰	۲۵۰	۹۴۱۲	۲۹۵۰	۷۸۰۰۰۰۰
قند اصفهان	قاصفا	۸۸/۰۵/۰۵	۳۲۸	۸۸/۰۹/۳۰	۹	۲۶۰	۱۹۰	۸.۰۴	۴۱۰۰	۷۰	۱۱۲	۲۶۴۰	۶۵۰۰۰
قند لرستان	قلرست	۸۸/۰۳/۲۵	۴۷۴	۸۸/۰۶/۳۱	۱۲	۳۸۰	۳۰۰	۶.۸۰	۳۲۰۰	۹۰	۹۴	۳۲۲۱	۴۷۰۰۰
کارخانجات قند	قشکر	۸۸/۰۴/۱۸	۳۹۲	۸۸/۱۲/۲۹	۳	۲۹۵	۲۴۰	۷.۴۰	۵۰۰۰	۸۰	۱۳۵	۲۹۰۰	۶۰۰۰۰
کالسیمین	فاسمین	۸۸/۰۴/۰۸	۸۱۲	۸۸/۱۲/۲۹	۳	۶۲۰	۵۱۰	۵.۹۰	۱۸۰۰۰	۱۵۰	۱۸۲۰	۴۸۰۰	۳۵۰۰۰۰
کربن ایران	شکربن	۸۸/۰۴/۲۶	۱۵۴۵	۸۸/۱۲/۲۹	۳	۹۸۸	۹۰۵	۵.۱۰	۱۲۵۰۰	۲۰۰	۷۳۲	۷۸۸۸	۲۷۰۰۰۰
کشتیرانی	حکشتی	۸۸/۰۴/۱۹	۸۸۴	۸۸/۱۲/۲۹	۳	۶۴۰	۵۵۰	۶.۲۵	۵۰۰۰۰	۱۵۰	۳۲۶۰	۵۵۳۰	۱۰۰۰۰۰۰
کف ایران	خکاوه	۸۸/۰۳/۲۸	۲۶۴	۸۸/۱۲/۲۹	۳	۲۱۰	۱۸۰	۹.۱۰	۳۰۰۰	۶۰	۷۶	۲۴۰۰	۳۰۰۰۰
کنتور سازی	کنتور	۸۸/۰۴/۰۲	۶۱۲	۸۸/۱۲/۲۹	۳	۴۸۰	۴۰۰	۶.۷۰	۴۲۰۰	۱۰۰	۱۲۰	۴۱۰۰	۸۵۰۰۰
کیمیدارو	دکیمی	۸۸/۰۴/۱۶	۹۲۸	۸۸/۱۲/۲۹	۳	۷۱۰	۶۲۰	۵.۸۰	۸۲۰۰	۱۵۰	۳۲۰	۵۴۰۰	۱۸۰۰۰۰
گروه بهمن	خبهمن	۸۸/۰۴/۲۷	۳۴۵	۸۸/۱۲/۲۹	۳	۲۷۰	۲۱۰	۷.۸۰	۲۶۰۰۰	۸۰	۱۴۲۰	۲۷۰۰	۳۱۰۰۰۰
گروه صنعتی سدید	فسدید	۸۸/۰۳/۳۱	۱۸۳	۸۸/۱۲/۲۹	۳	۱۵۰	۱۲۰	۱۱.۲۰	۱۲۰۰۰	۵۰	۶۱۰	۲۰۵۰	۱۳۰۰۰۰
گلوکوزان	غگلو	۸۸/۰۴/۰۵	۴۸۶	۸۸/۱۲/۲۹	۳	۳۷۰	۳۱۰	۶.۹۰	۶۰۰۰	۸۰	۲۲۰	۳۳۰۰	۷۶۰۰۰
لاستیک البرز	پکرمان	۸۸/۰۴/۲۲	۷۱۴	۸۸/۱۲/۲۹	۳	۵۳۰	۴۶۰	۶.۱۰	۵۰۰۰	۱۰۰	۱۶۵	۴۳۰۰	۸۸۰۰۰
لاستیک بارز	پبارز	۸۸/۰۴/۱۱	۶۸۲	۸۸/۱۲/۲۹	۳	۵۱۰	۴۳۰	۶.۴۰	۷۲۰۰	۱۰۰	۲۱۰	۴۳۶۰	۱۰۲۰۰۰
لوله و ماشین سازی	فلوله	۸۸/۰۳/۲۹	۹۸۶	۸۸/۱۲/۲۹	۳	۷۴۰	۶۵۰	۵.۵۰	۱۱۴۰۰	۲۰۰	۵۳۰	۵۴۰۰	۲۱۰۰۰۰
مارگارین	غمارگ	۸۸/۰۴/۲۵	۸۴۲	۸۸/۱۲/۲۹	۳	۶۲۰	۵۲۰	۵.۹۰	۴۶۰۰	۱۵۰	۱۳۰	۴۹۶۰	۷۹۰۰۰
معدنی املاح ایران	شاملا	۸۸/۰۴/۱۳	۳۸۲	۸۸/۱۲/۲۹	۳	۲۹۰	۲۵۰	۷.۲۰	۳۰۰۰	۸۰	۷۰	۲۷۵۰	۳۸۰۰۰
موتوژن	بموتو	۸۸/۰۳/۲۶	۲۶۰	۸۸/۱۲/۲۹	۳	۲۰۰	۱۶۰	۸.۹۰	۴۸۰۰	۶۰	۱۴۲	۲۳۰۰	۵۲۰۰۰
نیرو ترانس	بنیرو	۸۸/۰۴/۲۱	۶۲۵	۸۸/۱۲/۲۹	۳	۴۸۰	۴۰۰	۶.۰۵	۳۶۰۰	۱۰۰	۹۸	۳۸۰۰	۶۰۰۰۰
ونیرو	ونیرو	۸۸/۰۴/۰۹	۱۴۸	۸۸/۱۲/۲۹	۳	۱۲۰	۹۰	۱۲.۲	۲۲۰۰۰	۵۰	۸۱۰	۱۸۰۰	۲۸۰۰۰۰
پارس الکتریک	لپارس	۸۸/۰۳/۳۰	۴۱۳	۸۸/۱۲/۲۹	۳	۳۱۰	۲۶۰	۷.۶۰	۸۰۰۰	۸۰	۳۰۰	۳۱۵۰	۱۰۰۰۰۰
فرآورده نسوز	کشلر	۸۸/۰۴/۱۵	۱۲۳۶	۸۸/۱۲/۲۹	۳	۷۵۳	۸۵۲	۶.۳۲	۱۳۲۸۲	۱۵۰	۱۶۲۲	۸۷۵۰	۵۲۶۰۰۰
فرآورده سازی	کحافظ	۸۸/۰۳/۳۰	۸۵۱	۸۸/۰۹/۳۰	۹	۶۳۲	۴۵۶	۵.۸۴	۸۰۲۳	۱۲۰	۹۶۶	۵۱۲۰	۲۱۵۰۰۰
فرآورده غذایی	غدام	۸۸/۰۴/۲۰	۴۲۱	۸۸/۱۲/۲۹	۳	۳۱۰	۲۲۰	۷.۱۱	۶۰۲۱	۸۰	۳۴۱	۳۲۴۵	۹۶۵۰۰
فرآورده های دارویی	دفرا	۸۸/۰۵/۱۲	۱۱۲۸	۸۸/۱۲/۲۹	۳	۸۴۰	۷۱۰	۶.۰۲	۱۵۲۰۰	۲۰۰	۱۲۱۰	۷۳۰۰	۴۰۱۰۰۰
فولاد آلیاژی	فجر	۸۸/۰۴/۲۸	۶۹۸	۸۸/۱۲/۲۹	۳	۵۲۰	۴۱۳	۵.۲۲	۲۱۰۰۰	۱۰۰	۲۳۶۲	۳۴۵۱	۵۵۰۰۰۰
فولاد خوزستان	فخوز	۸۸/۰۴/۳۰	۱۴۸۳	۸۸/۱۲/۲۹	۳	۹۸۰	۸۷۰	۴.۱۰	۴۱۰۰۰	۳۰۰	۴۵۱۲	۶۱۰۰	۲۲۵۰۰۰۰
فولاد مبارکه	فولاد	۸۸/۰۴/۲۳	۵۲۳	۸۸/۱۲/۲۹	۳	۴۱۰	۳۲۰	۵.۶۲	۱۳۲۰۰۰	۲۵۰	۹۴۱۲	۲۹۵۰	۷۸۰۰۰۰۰
قند اصفهان	قاصفا	۸۸/۰۵/۰۵	۳۲۸	۸۸/۰۹/۳۰	۹	۲۶۰	۱۹۰	۸.۰۴	۴۱۰۰	۷۰	۱۱۲	۲۶۴۰	۶۵۰۰۰
قند لرستان	قلرست	۸۸/۰۳/۲۵	۴۷۴	۸۸/۰۶/۳۱	۱۲	۳۸۰	۳۰۰	۶.۸۰	۳۲۰۰	۹۰	۹۴	۳۲۲۱	۴۷۰۰۰
کارخانجات قند	قشکر	۸۸/۰۴/۱۸	۳۹۲	۸۸/۱۲/۲۹	۳	۲۹۵	۲۴۰	۷.۴۰	۵۰۰۰	۸۰	۱۳۵	۲۹۰۰	۶۰۰۰۰
